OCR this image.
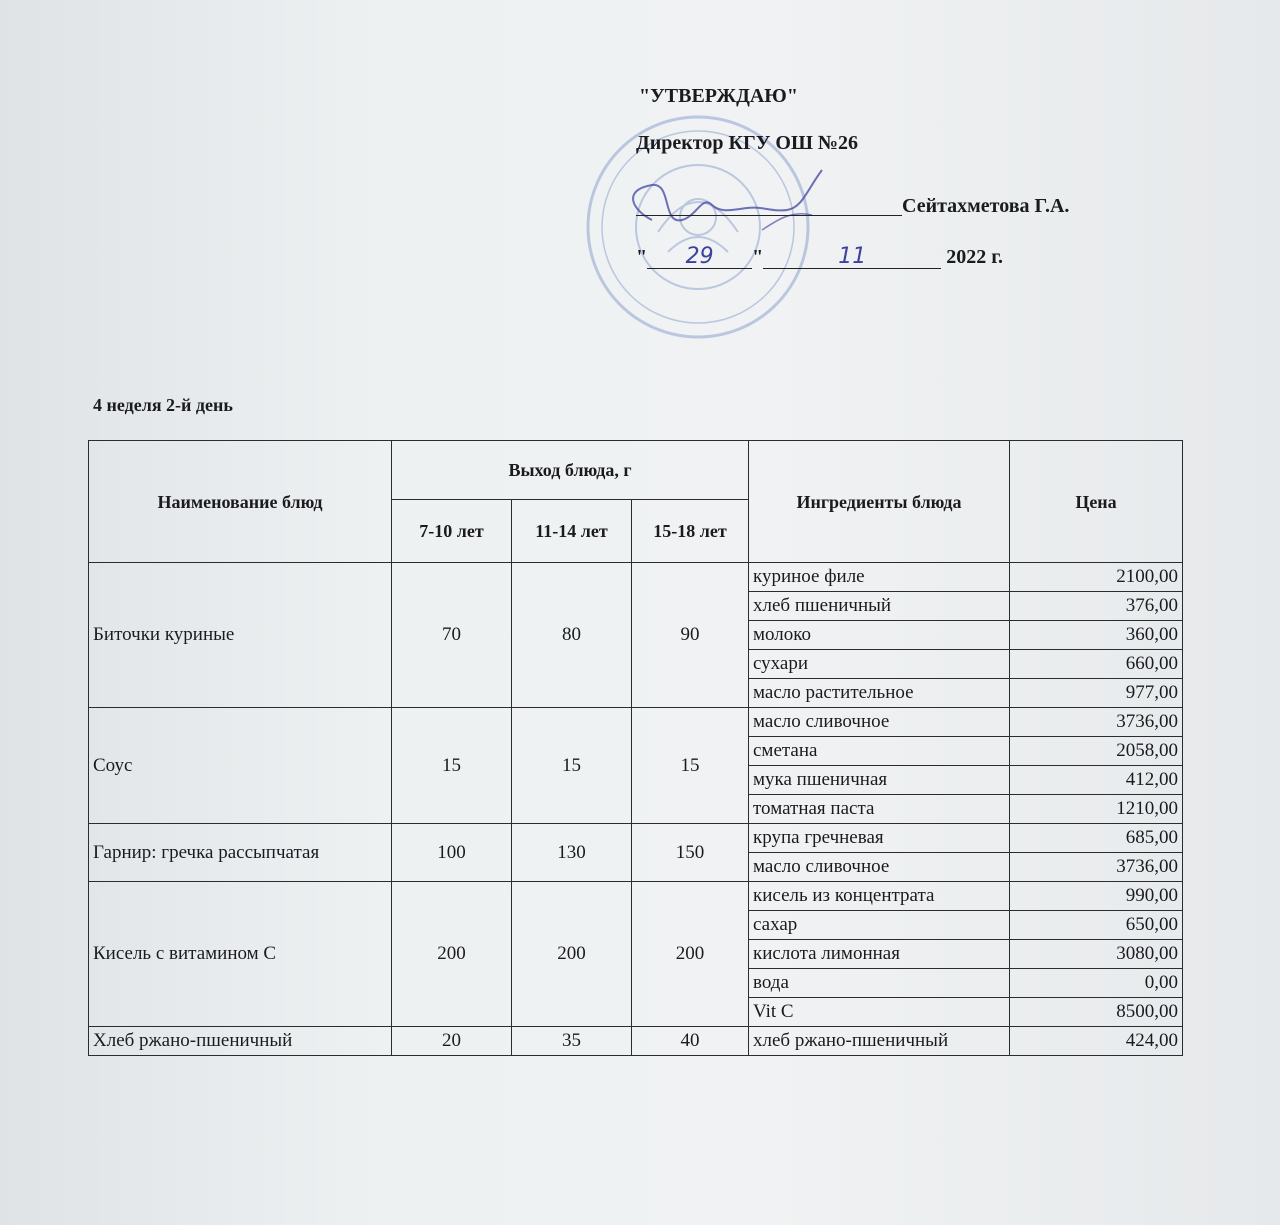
"УТВЕРЖДАЮ"
Директор КГУ ОШ №26
Сейтахметова Г.А.
" 29 "	11	2022 г.
4 неделя 2-й день
Наименование блюд	Выход блюда, г			Ингредиенты блюда	Цена
	7-10 лет	11-14 лет	15-18 лет		
Биточки куриные	70	80	90	куриное филе	2100,00
				хлеб пшеничный	376,00
				молоко	360,00
				сухари	660,00
				масло растительное	977,00
Соус	15	15	15	масло сливочное	3736,00
				сметана	2058,00
				мука пшеничная	412,00
				томатная паста	1210,00
Гарнир: гречка рассыпчатая	100	130	150	крупа гречневая	685,00
				масло сливочное	3736,00
Кисель с витамином С	200	200	200	кисель из концентрата	990,00
				сахар	650,00
				кислота лимонная	3080,00
				вода	0,00
				Vit C	8500,00
Хлеб ржано-пшеничный	20	35	40	хлеб ржано-пшеничный	424,00
